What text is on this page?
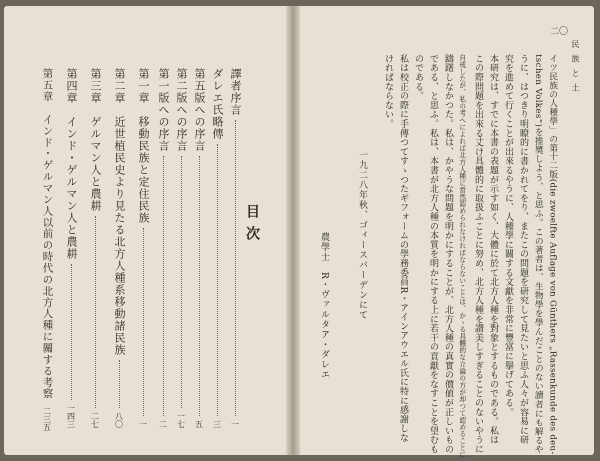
目次
譯者序言
一
ダレエ氏略傳
三
第五版への序言
五
第二版への序言
一七
第一版への序言
二
第一章　移動民族と定住民族
一
第二章　近世植民史より見たる北方人種系移動諸民族
八〇
第三章　ゲルマン人と農耕
二七
第四章　インド・ゲルマン人と農耕
一四三
第五章　インド・ゲルマン人以前の時代の北方人種に關する考察
二三五
民 族 と 土
二〇
イツ民族の人種學」の第十二版(die zwoelfte Auflage von Günthers „Rassenkunde des deu-
tschen Volkes“)を推奬しよう、と思ふ。この著者は、生物學を學んだことのない讀者にも解るや
うに、はつきり明瞭的に書かれてをり、またこの問題を研究して見たいと思ふ人々が容易に研
究を進めて行くことが出來るやうに、人種學に關する文獻を非常に豐富に擧げてある。
本研究は、すでに本書の表題が示す如く、大體に於て北方人種を對象とするものである。私は
この際問題を出來る丈け具體的に取扱ふことに努め、北方人種を讃美しすぎることのないやうに
自戒したが、私の考へによれば北方人種に當然認められなければならないことは、かゝる具體的な立論の方が却つて認めることに
躊躇しなかつた。私は、かやうな問題を明かにすることが、北方人種の真實の價値が正しいもの
である、と思ふ。私は、本書が北方人種の本質を明かにする上に若干の貢獻をなすことを望むも
のである。
私は校正の際に手傳つてすゝつたギフォームの學務委員R・アインアウエル氏に特に感謝しな
ければならない。
一九二八年秋、ゴィースバーデンにて
農學士　R・ヴァルタア・ダレエ
